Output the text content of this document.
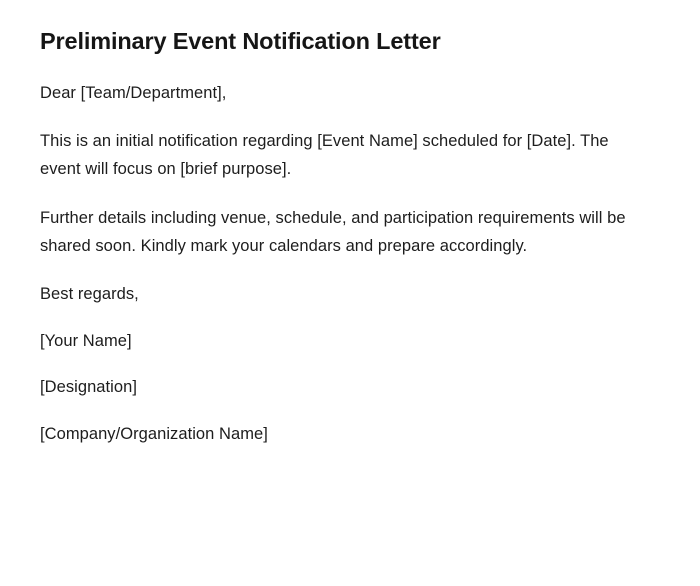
Preliminary Event Notification Letter

Dear [Team/Department],

This is an initial notification regarding [Event Name] scheduled for [Date]. The event will focus on [brief purpose].

Further details including venue, schedule, and participation requirements will be shared soon. Kindly mark your calendars and prepare accordingly.

Best regards,

[Your Name]

[Designation]

[Company/Organization Name]
